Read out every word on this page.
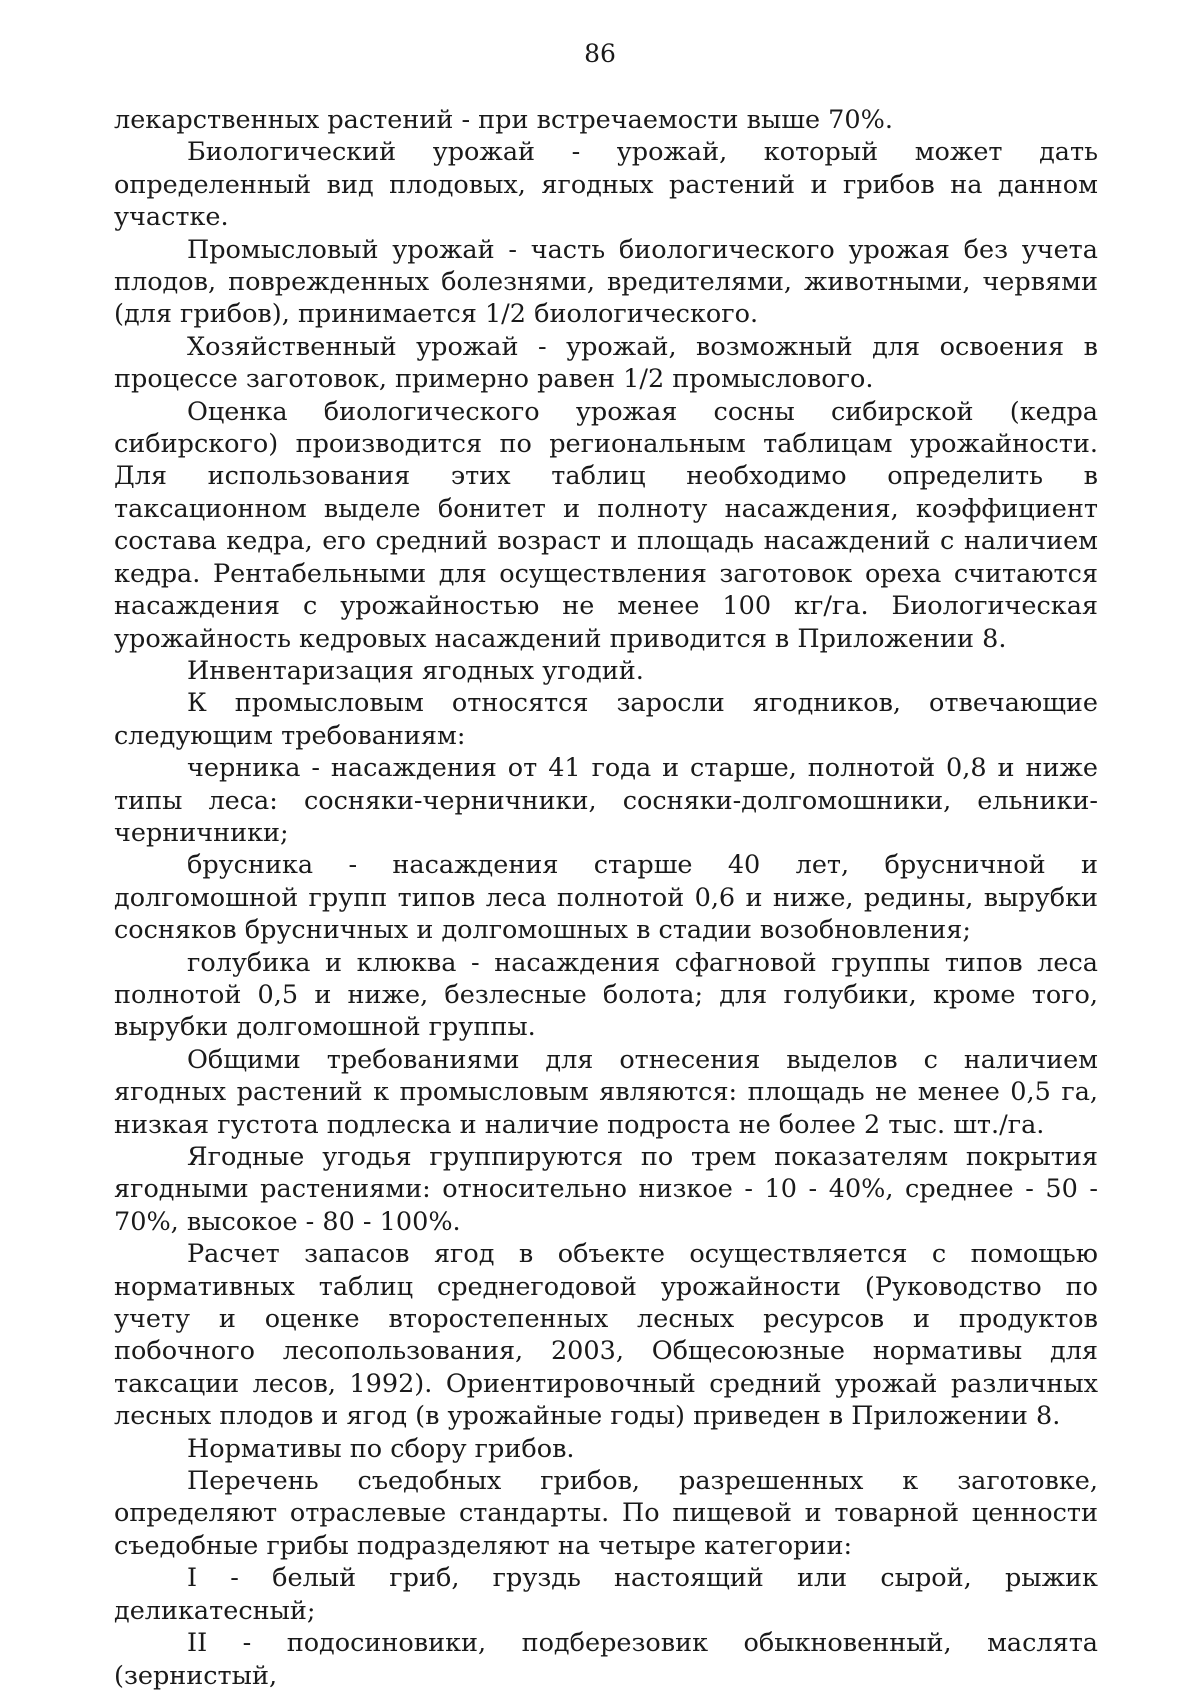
86

лекарственных растений - при встречаемости выше 70%.

Биологический урожай - урожай, который может дать определенный вид плодовых, ягодных растений и грибов на данном участке.

Промысловый урожай - часть биологического урожая без учета плодов, поврежденных болезнями, вредителями, животными, червями (для грибов), принимается 1/2 биологического.

Хозяйственный урожай - урожай, возможный для освоения в процессе заготовок, примерно равен 1/2 промыслового.

Оценка биологического урожая сосны сибирской (кедра сибирского) производится по региональным таблицам урожайности. Для использования этих таблиц необходимо определить в таксационном выделе бонитет и полноту насаждения, коэффициент состава кедра, его средний возраст и площадь насаждений с наличием кедра. Рентабельными для осуществления заготовок ореха считаются насаждения с урожайностью не менее 100 кг/га. Биологическая урожайность кедровых насаждений приводится в Приложении 8.

Инвентаризация ягодных угодий.

К промысловым относятся заросли ягодников, отвечающие следующим требованиям:

черника - насаждения от 41 года и старше, полнотой 0,8 и ниже типы леса: сосняки-черничники, сосняки-долгомошники, ельники-черничники;

брусника - насаждения старше 40 лет, брусничной и долгомошной групп типов леса полнотой 0,6 и ниже, редины, вырубки сосняков брусничных и долгомошных в стадии возобновления;

голубика и клюква - насаждения сфагновой группы типов леса полнотой 0,5 и ниже, безлесные болота; для голубики, кроме того, вырубки долгомошной группы.

Общими требованиями для отнесения выделов с наличием ягодных растений к промысловым являются: площадь не менее 0,5 га, низкая густота подлеска и наличие подроста не более 2 тыс. шт./га.

Ягодные угодья группируются по трем показателям покрытия ягодными растениями: относительно низкое - 10 - 40%, среднее - 50 - 70%, высокое - 80 - 100%.

Расчет запасов ягод в объекте осуществляется с помощью нормативных таблиц среднегодовой урожайности (Руководство по учету и оценке второстепенных лесных ресурсов и продуктов побочного лесопользования, 2003, Общесоюзные нормативы для таксации лесов, 1992). Ориентировочный средний урожай различных лесных плодов и ягод (в урожайные годы) приведен в Приложении 8.

Нормативы по сбору грибов.

Перечень съедобных грибов, разрешенных к заготовке, определяют отраслевые стандарты. По пищевой и товарной ценности съедобные грибы подразделяют на четыре категории:

I - белый гриб, груздь настоящий или сырой, рыжик деликатесный;

II - подосиновики, подберезовик обыкновенный, маслята (зернистый,
